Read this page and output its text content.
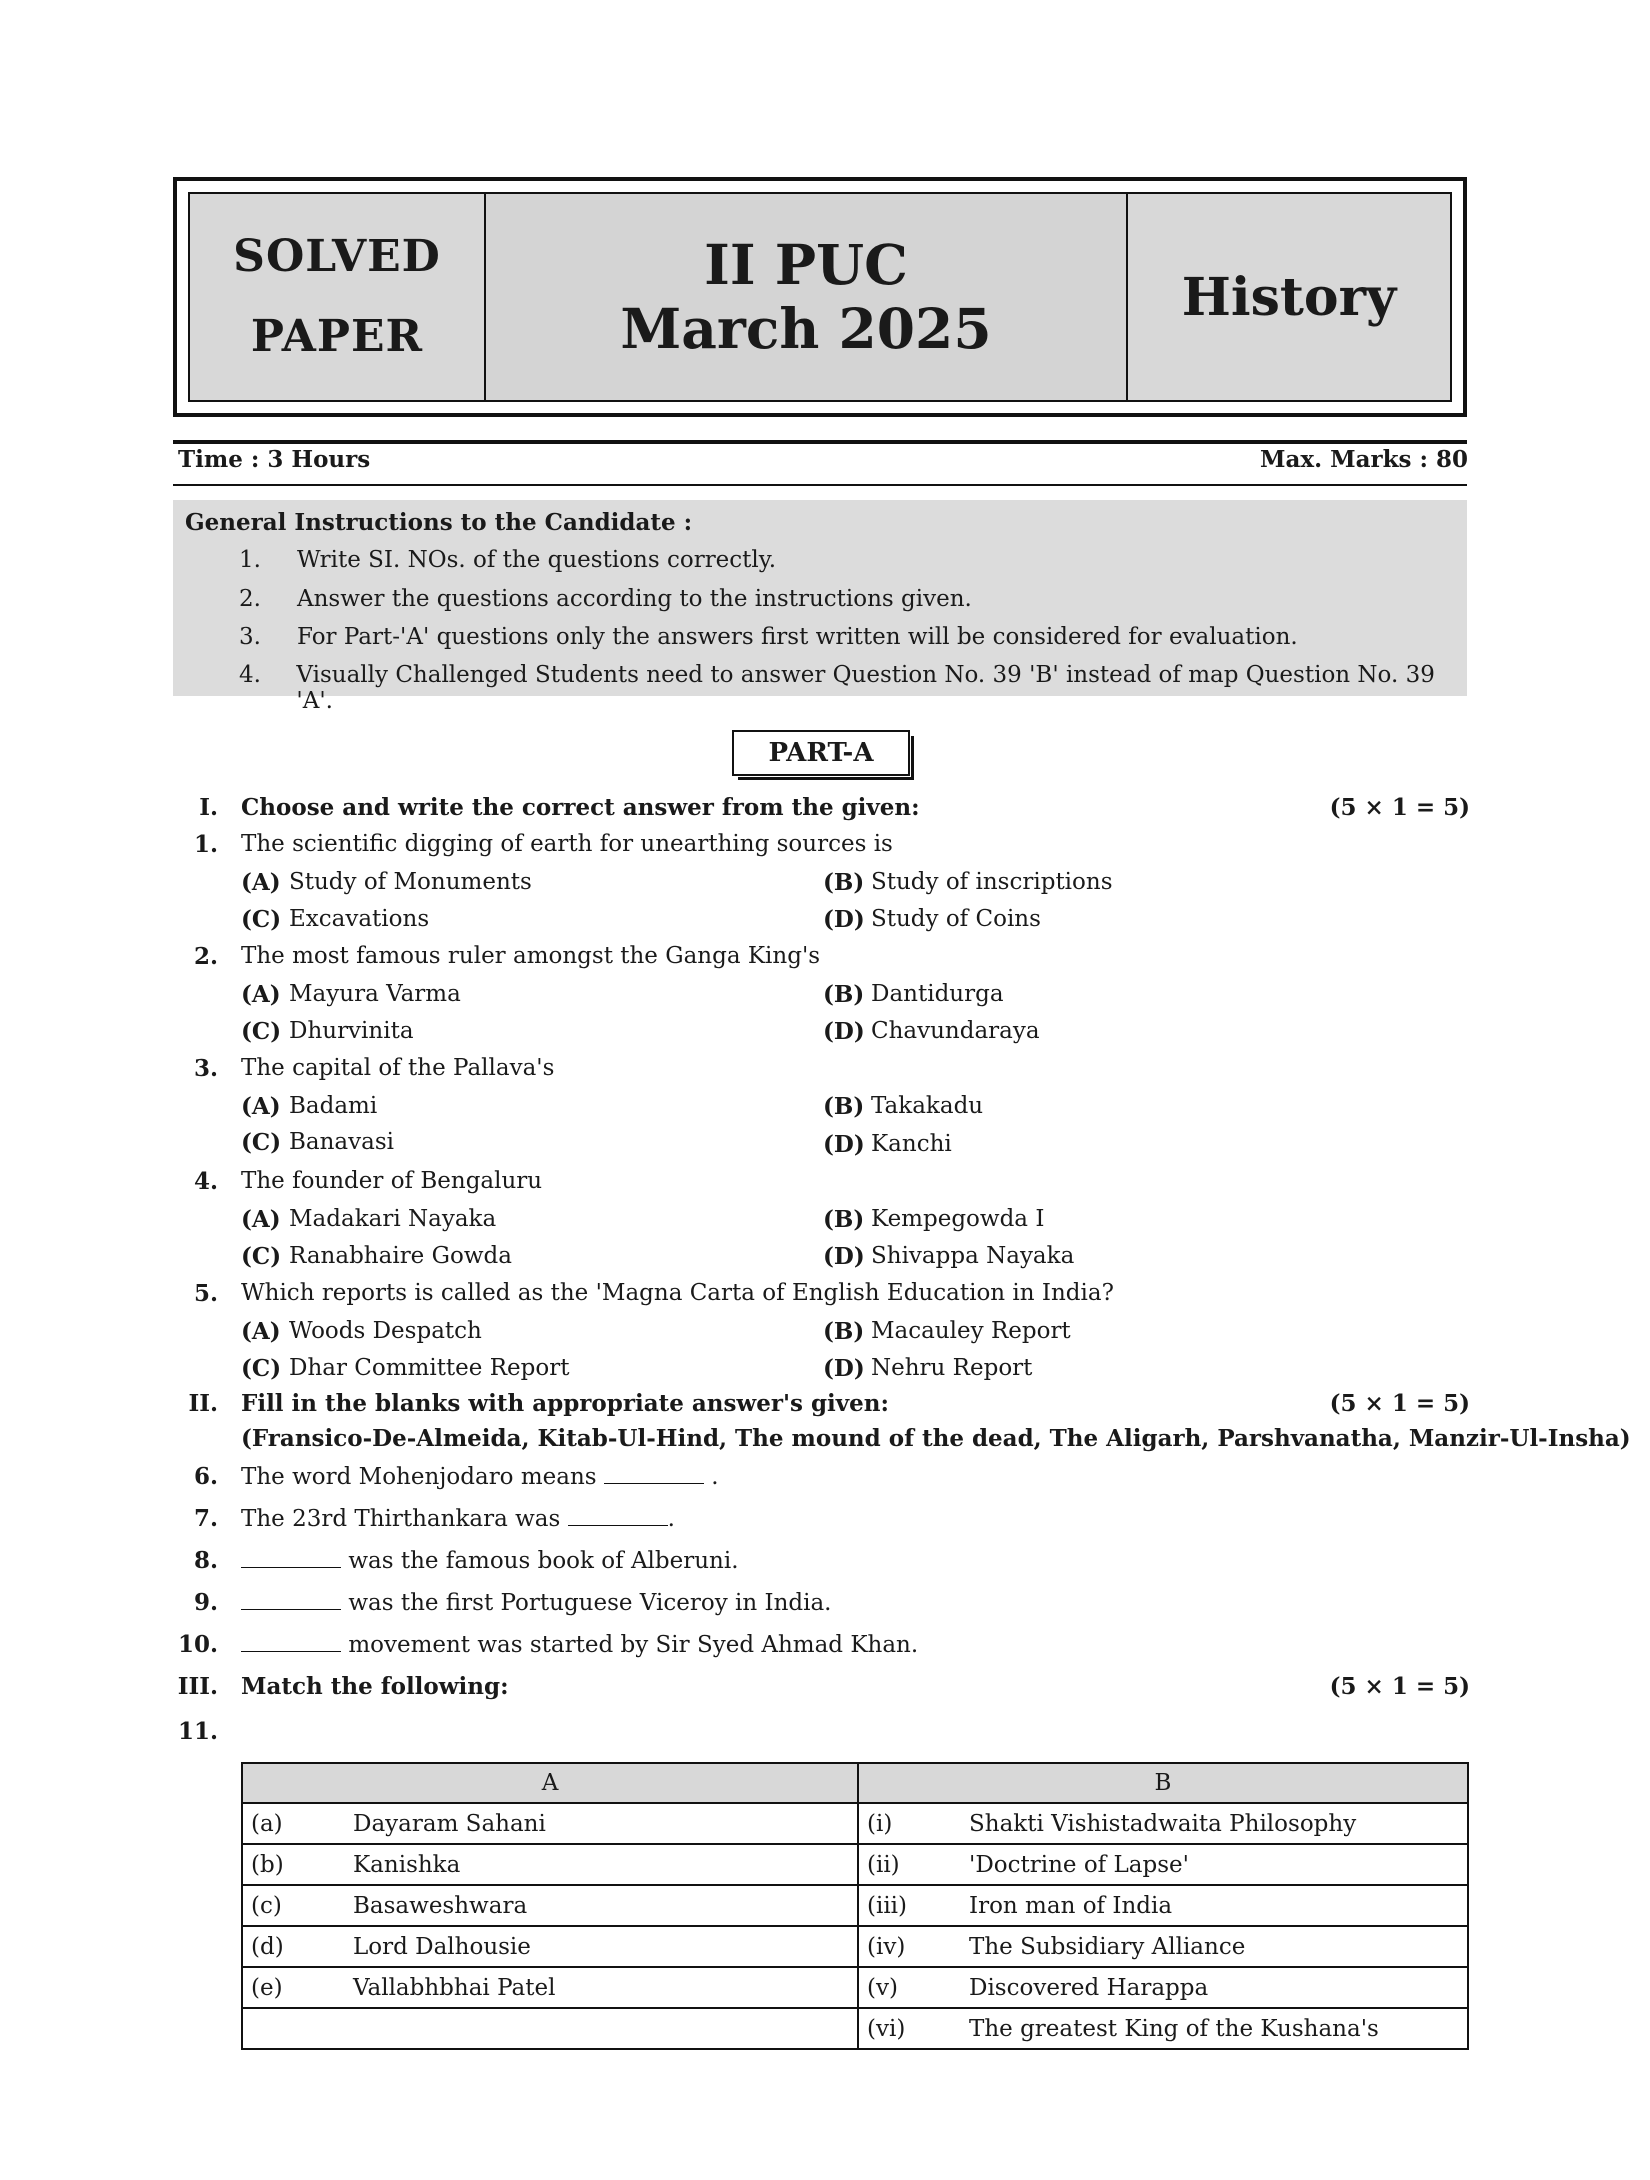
SOLVED
PAPER
II PUC
March 2025	History
Time : 3 Hours	Max. Marks : 80
General Instructions to the Candidate :
1.	Write SI. NOs. of the questions correctly.
2.	Answer the questions according to the instructions given.
3.	For Part-'A' questions only the answers first written will be considered for evaluation.
4.	Visually Challenged Students need to answer Question No. 39 'B' instead of map Question No. 39 'A'.
PART-A
I. Choose and write the correct answer from the given:	(5 × 1 = 5)
1. The scientific digging of earth for unearthing sources is
(A) Study of Monuments	(B) Study of inscriptions
(C) Excavations	(D) Study of Coins
2. The most famous ruler amongst the Ganga King's
(A) Mayura Varma	(B) Dantidurga
(C) Dhurvinita	(D) Chavundaraya
3. The capital of the Pallava's
(A) Badami	(B) Takakadu
(C) Banavasi	(D) Kanchi
4. The founder of Bengaluru
(A) Madakari Nayaka	(B) Kempegowda I
(C) Ranabhaire Gowda	(D) Shivappa Nayaka
5. Which reports is called as the 'Magna Carta of English Education in India?
(A) Woods Despatch	(B) Macauley Report
(C) Dhar Committee Report	(D) Nehru Report
II. Fill in the blanks with appropriate answer's given:	(5 × 1 = 5)
(Fransico-De-Almeida, Kitab-Ul-Hind, The mound of the dead, The Aligarh, Parshvanatha, Manzir-Ul-Insha)
6. The word Mohenjodaro means	.
7. The 23rd Thirthankara was	.
8.	was the famous book of Alberuni.
9.	was the first Portuguese Viceroy in India.
10.	movement was started by Sir Syed Ahmad Khan.
III. Match the following:	(5 × 1 = 5)
11.
A	B

(a) Dayaram Sahani	(i) Shakti Vishistadwaita Philosophy

(b) Kanishka	(ii) 'Doctrine of Lapse'

(c) Basaweshwara	(iii) Iron man of India

(d) Lord Dalhousie	(iv) The Subsidiary Alliance

(e) Vallabhbhai Patel	(v) Discovered Harappa

	(vi) The greatest King of the Kushana's
